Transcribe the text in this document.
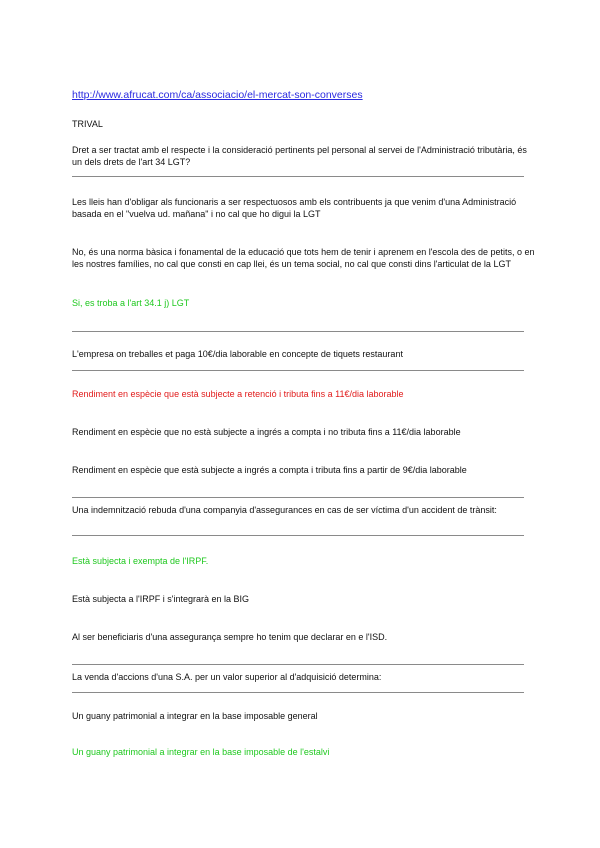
http://www.afrucat.com/ca/associacio/el-mercat-son-converses
TRIVAL
Dret a ser tractat amb el respecte i la consideració pertinents pel personal al servei de l'Administració tributària, és un dels drets de l'art 34 LGT?
Les lleis han d'obligar als funcionaris a ser respectuosos amb els contribuents ja que venim d'una Administració basada en el "vuelva ud. mañana" i no cal que ho digui la LGT
No, és una norma bàsica i fonamental de la educació que tots hem de tenir i aprenem en l'escola des de petits, o en les nostres famílies, no cal que consti en cap llei, és un tema social, no cal que consti dins l'articulat de la LGT
Si, es troba a l'art 34.1 j) LGT
L'empresa on treballes et paga 10€/dia laborable en concepte de tiquets restaurant
Rendiment en espècie que està subjecte a retenció i tributa fins a 11€/dia laborable
Rendiment en espècie que no està subjecte a ingrés a compta i no tributa fins a 11€/dia laborable
Rendiment en espècie que està subjecte a ingrés a compta i tributa fins a partir de 9€/dia laborable
Una indemnització rebuda d'una companyia d'assegurances en cas de ser víctima d'un accident de trànsit:
Està subjecta i exempta de l'IRPF.
Està subjecta a l'IRPF i s'integrarà en la BIG
Al ser beneficiaris d'una assegurança sempre ho tenim que declarar en e l'ISD.
La venda d'accions d'una S.A. per un valor superior al d'adquisició determina:
Un guany patrimonial a integrar en la base imposable general
Un guany patrimonial a integrar en la base imposable de l'estalvi
